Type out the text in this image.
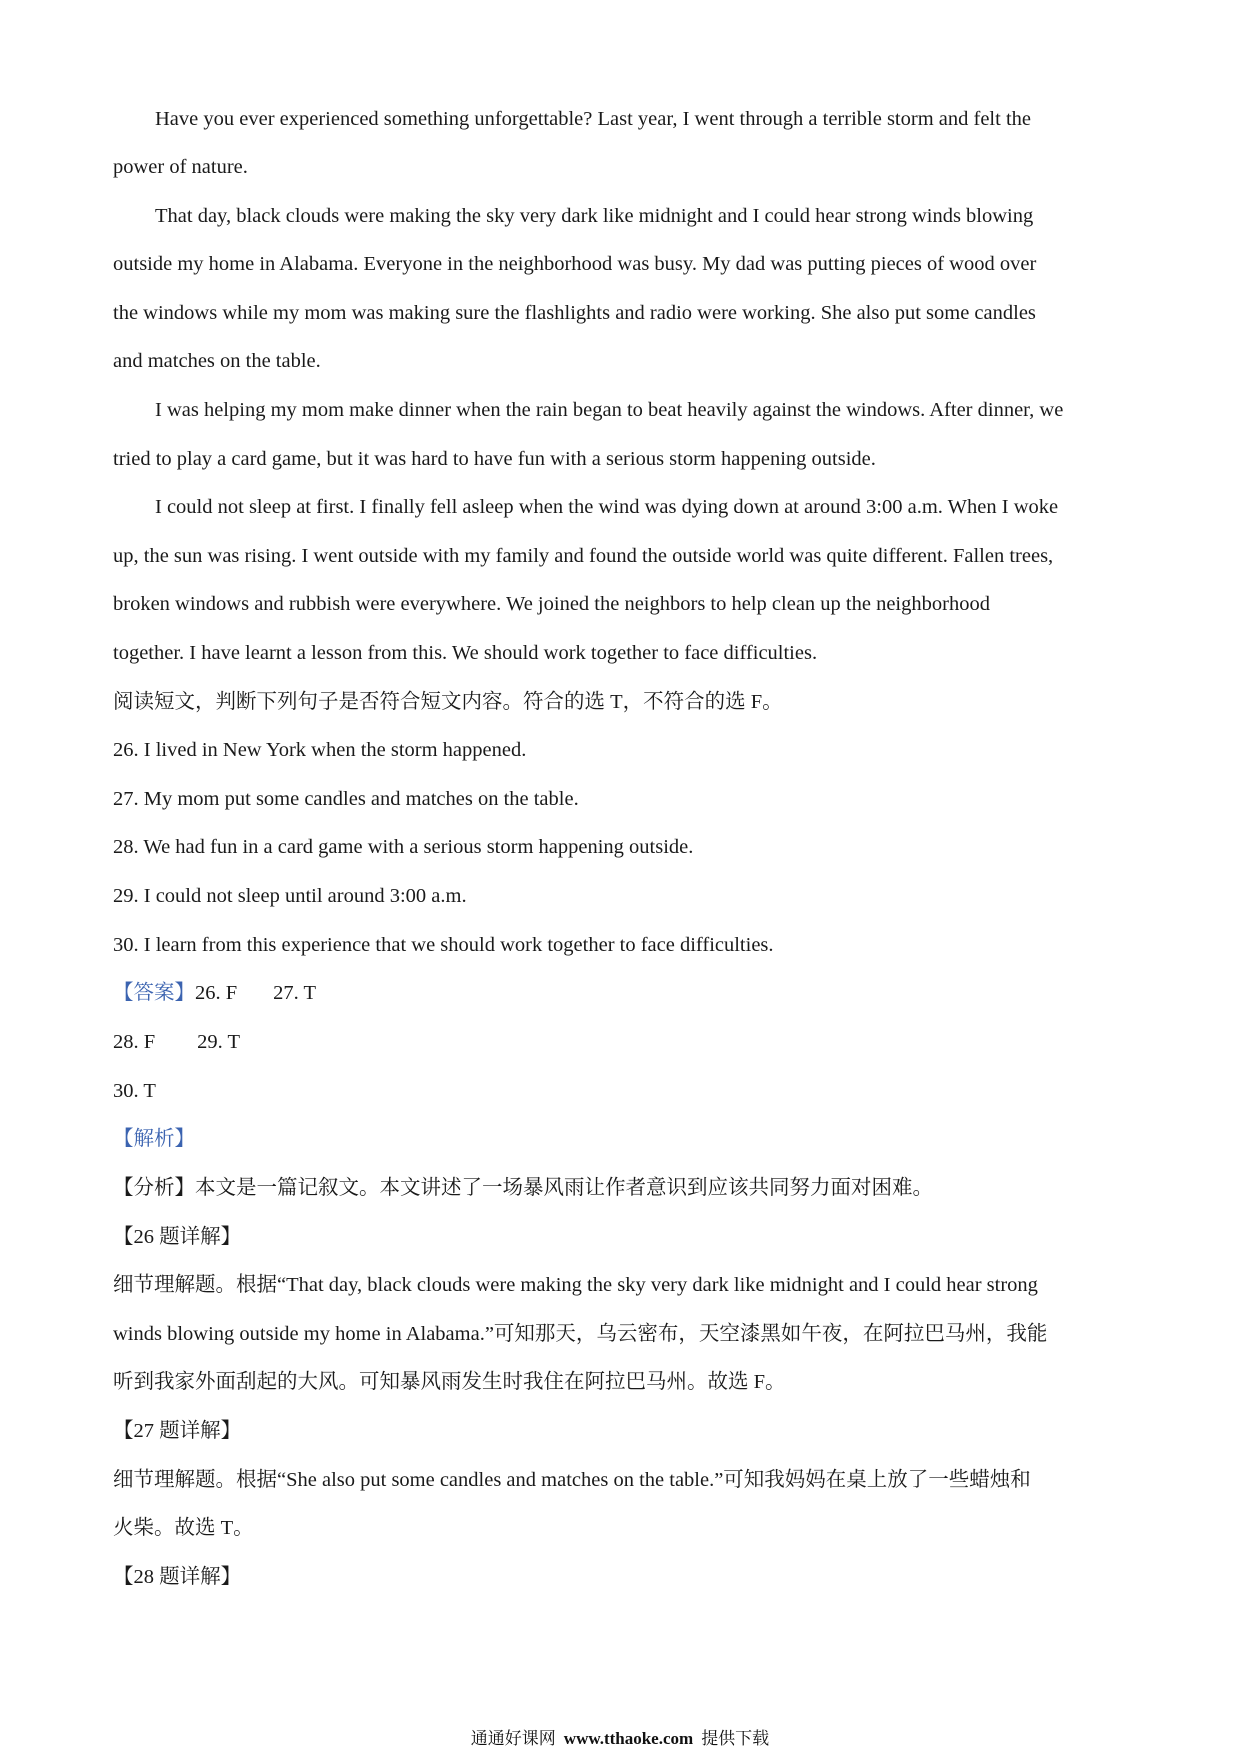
Have you ever experienced something unforgettable? Last year, I went through a terrible storm and felt the
power of nature.
That day, black clouds were making the sky very dark like midnight and I could hear strong winds blowing
outside my home in Alabama. Everyone in the neighborhood was busy. My dad was putting pieces of wood over
the windows while my mom was making sure the flashlights and radio were working. She also put some candles
and matches on the table.
I was helping my mom make dinner when the rain began to beat heavily against the windows. After dinner, we
tried to play a card game, but it was hard to have fun with a serious storm happening outside.
I could not sleep at first. I finally fell asleep when the wind was dying down at around 3:00 a.m. When I woke
up, the sun was rising. I went outside with my family and found the outside world was quite different. Fallen trees,
broken windows and rubbish were everywhere. We joined the neighbors to help clean up the neighborhood
together. I have learnt a lesson from this. We should work together to face difficulties.
阅读短文，判断下列句子是否符合短文内容。符合的选 T，不符合的选 F。
26. I lived in New York when the storm happened.
27. My mom put some candles and matches on the table.
28. We had fun in a card game with a serious storm happening outside.
29. I could not sleep until around 3:00 a.m.
30. I learn from this experience that we should work together to face difficulties.
【答案】26. F 27. T
28. F 29. T
30. T
【解析】
【分析】本文是一篇记叙文。本文讲述了一场暴风雨让作者意识到应该共同努力面对困难。
【26 题详解】
细节理解题。根据“That day, black clouds were making the sky very dark like midnight and I could hear strong
winds blowing outside my home in Alabama.”可知那天，乌云密布，天空漆黑如午夜，在阿拉巴马州，我能
听到我家外面刮起的大风。可知暴风雨发生时我住在阿拉巴马州。故选 F。
【27 题详解】
细节理解题。根据“She also put some candles and matches on the table.”可知我妈妈在桌上放了一些蜡烛和
火柴。故选 T。
【28 题详解】
通通好课网 www.tthaoke.com 提供下载
